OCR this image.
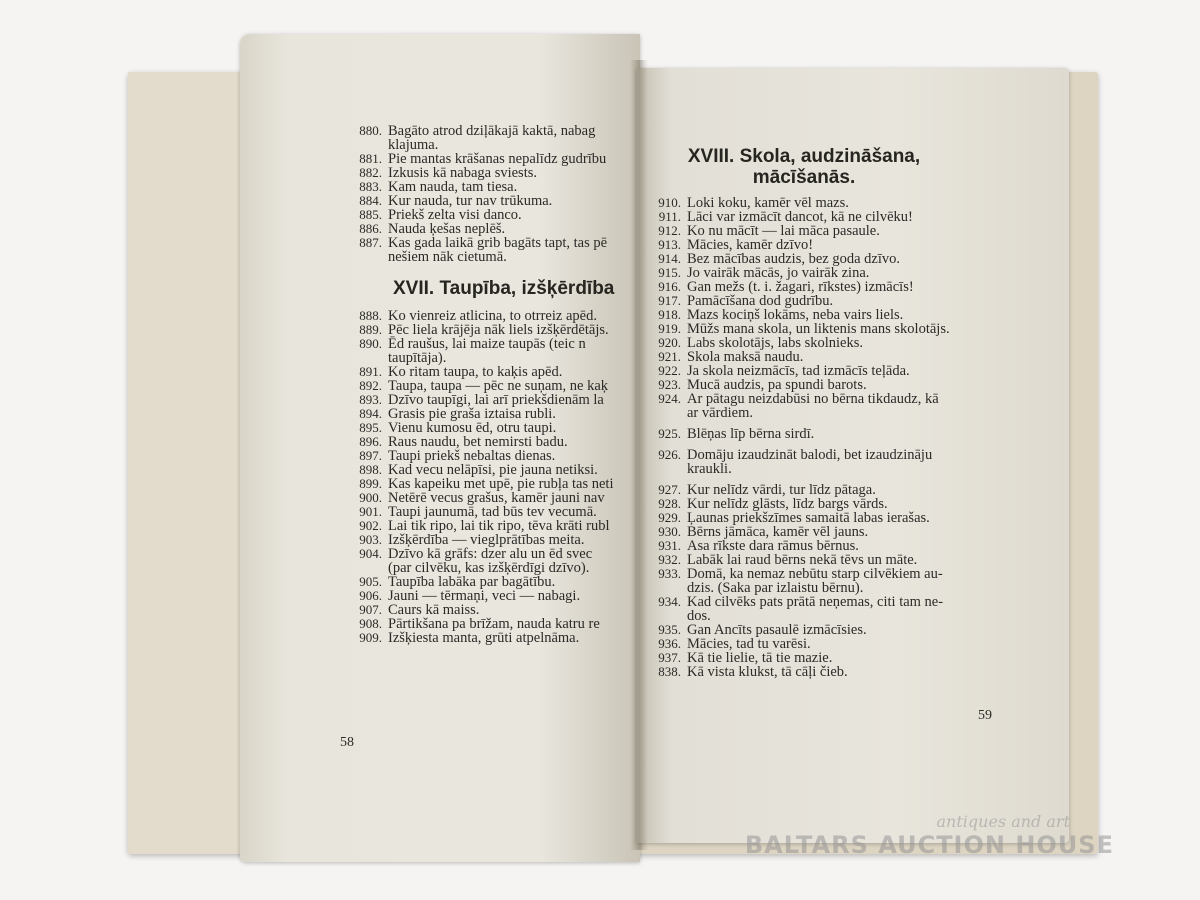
880. Bagāto atrod dziļākajā kaktā, nabag
klajuma.
881. Pie mantas krāšanas nepalīdz gudrību
882. Izkusis kā nabaga sviests.
883. Kam nauda, tam tiesa.
884. Kur nauda, tur nav trūkuma.
885. Priekš zelta visi danco.
886. Nauda ķešas neplēš.
887. Kas gada laikā grib bagāts tapt, tas pē
nešiem nāk cietumā.
XVII. Taupība, izšķērdība
888. Ko vienreiz atlicina, to otrreiz apēd.
889. Pēc liela krājēja nāk liels izšķērdētājs.
890. Ēd raušus, lai maize taupās (teic n
taupītāja).
891. Ko ritam taupa, to kaķis apēd.
892. Taupa, taupa — pēc ne suņam, ne kaķ
893. Dzīvo taupīgi, lai arī priekšdienām la
894. Grasis pie graša iztaisa rubli.
895. Vienu kumosu ēd, otru taupi.
896. Raus naudu, bet nemirsti badu.
897. Taupi priekš nebaltas dienas.
898. Kad vecu nelāpīsi, pie jauna netiksi.
899. Kas kapeiku met upē, pie rubļa tas neti
900. Netērē vecus grašus, kamēr jauni nav
901. Taupi jaunumā, tad būs tev vecumā.
902. Lai tik ripo, lai tik ripo, tēva krāti rubl
903. Izšķērdība — vieglprātības meita.
904. Dzīvo kā grāfs: dzer alu un ēd svec
(par cilvēku, kas izšķērdīgi dzīvo).
905. Taupība labāka par bagātību.
906. Jauni — tērmaņi, veci — nabagi.
907. Caurs kā maiss.
908. Pārtikšana pa brīžam, nauda katru re
909. Izšķiesta manta, grūti atpelnāma.
58
XVIII. Skola, audzināšana,
mācīšanās.
910. Loki koku, kamēr vēl mazs.
911. Lāci var izmācīt dancot, kā ne cilvēku!
912. Ko nu mācīt — lai māca pasaule.
913. Mācies, kamēr dzīvo!
914. Bez mācības audzis, bez goda dzīvo.
915. Jo vairāk mācās, jo vairāk zina.
916. Gan mežs (t. i. žagari, rīkstes) izmācīs!
917. Pamācīšana dod gudrību.
918. Mazs kociņš lokāms, neba vairs liels.
919. Mūžs mana skola, un liktenis mans skolotājs.
920. Labs skolotājs, labs skolnieks.
921. Skola maksā naudu.
922. Ja skola neizmācīs, tad izmācīs teļāda.
923. Mucā audzis, pa spundi barots.
924. Ar pātagu neizdabūsi no bērna tikdaudz, kā
ar vārdiem.
925. Blēņas līp bērna sirdī.
926. Domāju izaudzināt balodi, bet izaudzināju
kraukli.
927. Kur nelīdz vārdi, tur līdz pātaga.
928. Kur nelīdz glāsts, līdz bargs vārds.
929. Ļaunas priekšzīmes samaitā labas ierašas.
930. Bērns jāmāca, kamēr vēl jauns.
931. Asa rīkste dara rāmus bērnus.
932. Labāk lai raud bērns nekā tēvs un māte.
933. Domā, ka nemaz nebūtu starp cilvēkiem au-
dzis. (Saka par izlaistu bērnu).
934. Kad cilvēks pats prātā neņemas, citi tam ne-
dos.
935. Gan Ancīts pasaulē izmācīsies.
936. Mācies, tad tu varēsi.
937. Kā tie lielie, tā tie mazie.
838. Kā vista klukst, tā cāļi čieb.
59
antiques and art
BALTARS AUCTION HOUSE
